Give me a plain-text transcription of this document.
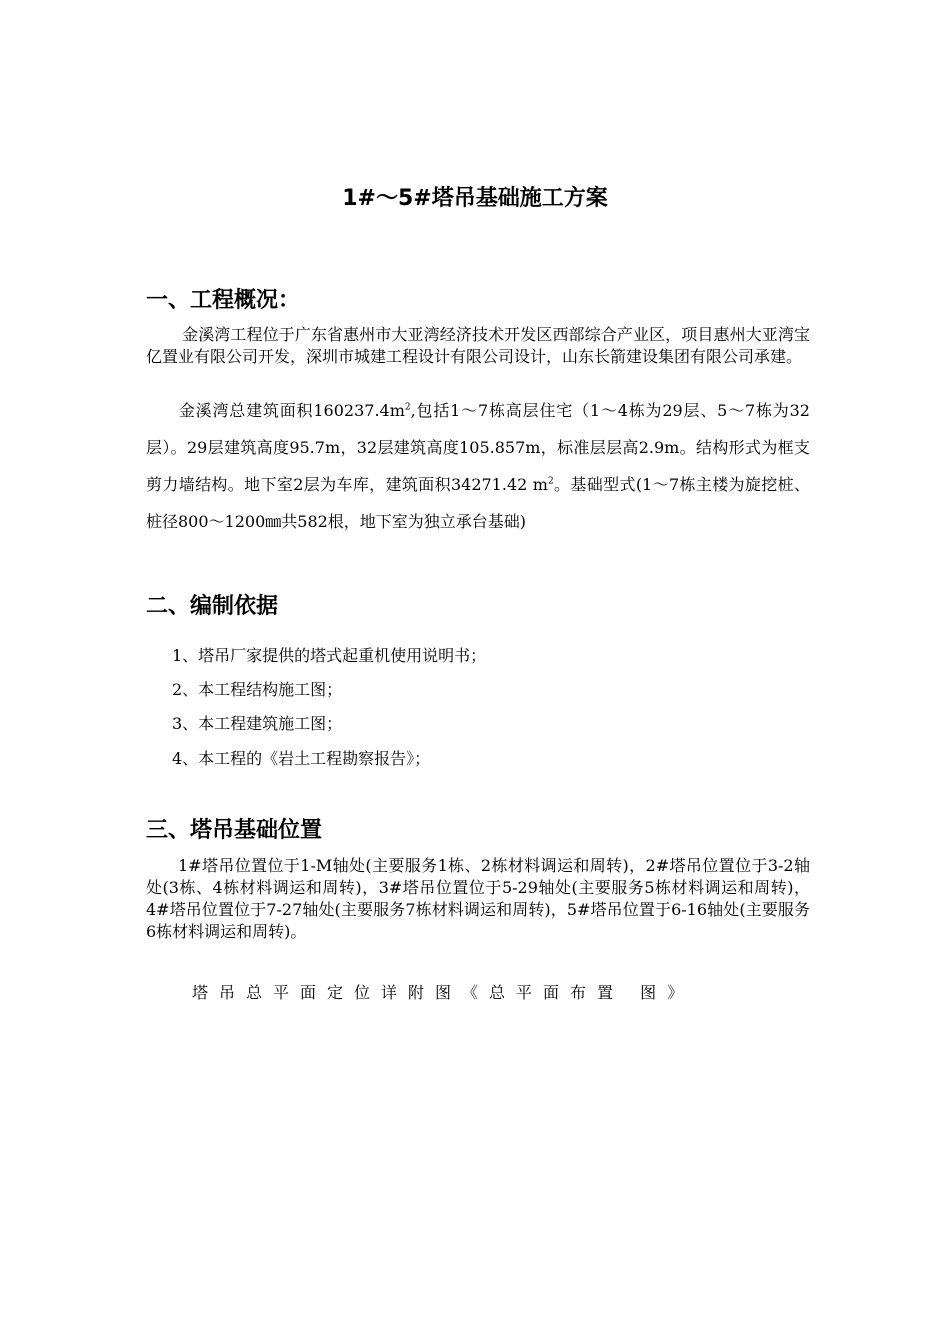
1#～5#塔吊基础施工方案
一、工程概况：

金溪湾工程位于广东省惠州市大亚湾经济技术开发区西部综合产业区，项目惠州大亚湾宝亿置业有限公司开发，深圳市城建工程设计有限公司设计，山东长箭建设集团有限公司承建。

金溪湾总建筑面积$160237.4m^2$,包括1～7栋高层住宅（1～4栋为29层、5～7栋为32层）。29层建筑高度95.7m，32层建筑高度105.857m，标准层层高2.9m。结构形式为框支剪力墙结构。地下室2层为车库，建筑面积34271.42 $m^2$。基础型式(1～7栋主楼为旋挖桩、桩径800～1200㎜共582根，地下室为独立承台基础)

二、编制依据
1、塔吊厂家提供的塔式起重机使用说明书；
2、本工程结构施工图；
3、本工程建筑施工图；
4、本工程的《岩土工程勘察报告》；
三、塔吊基础位置

1#塔吊位置位于1-M轴处(主要服务1栋、2栋材料调运和周转)，2#塔吊位置位于3-2轴处(3栋、4栋材料调运和周转)，3#塔吊位置位于5-29轴处(主要服务5栋材料调运和周转)，4#塔吊位置位于7-27轴处(主要服务7栋材料调运和周转)，5#塔吊位置于6-16轴处(主要服务6栋材料调运和周转)。

塔吊总平面定位详附图《总平面布置 图》
